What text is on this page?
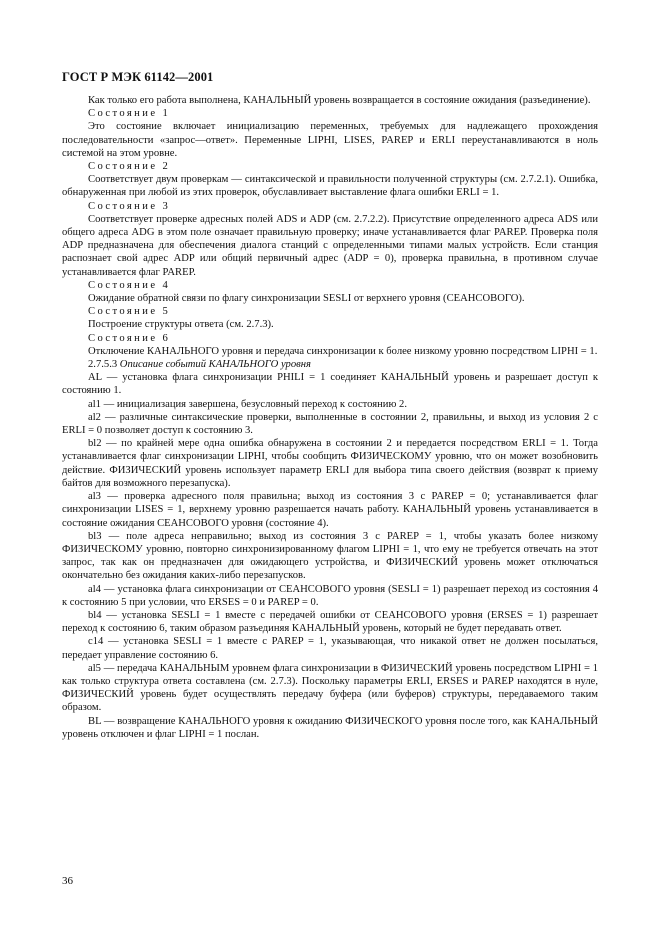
ГОСТ Р МЭК 61142—2001

Как только его работа выполнена, КАНАЛЬНЫЙ уровень возвращается в состояние ожидания (разъединение).

Состояние 1

Это состояние включает инициализацию переменных, требуемых для надлежащего прохождения последовательности «запрос—ответ». Переменные LIPHI, LISES, PAREP и ERLI переустанавливаются в ноль системой на этом уровне.

Состояние 2

Соответствует двум проверкам — синтаксической и правильности полученной структуры (см. 2.7.2.1). Ошибка, обнаруженная при любой из этих проверок, обуславливает выставление флага ошибки ERLI = 1.

Состояние 3

Соответствует проверке адресных полей ADS и ADP (см. 2.7.2.2). Присутствие определенного адреса ADS или общего адреса ADG в этом поле означает правильную проверку; иначе устанавливается флаг PAREP. Проверка поля ADP предназначена для обеспечения диалога станций с определенными типами малых устройств. Если станция распознает свой адрес ADP или общий первичный адрес (ADP = 0), проверка правильна, в противном случае устанавливается флаг PAREP.

Состояние 4

Ожидание обратной связи по флагу синхронизации SESLI от верхнего уровня (СЕАНСОВОГО).

Состояние 5

Построение структуры ответа (см. 2.7.3).

Состояние 6

Отключение КАНАЛЬНОГО уровня и передача синхронизации к более низкому уровню посредством LIPHI = 1.

2.7.5.3 Описание событий КАНАЛЬНОГО уровня

AL — установка флага синхронизации PHILI = 1 соединяет КАНАЛЬНЫЙ уровень и разрешает доступ к состоянию 1.

al1 — инициализация завершена, безусловный переход к состоянию 2.

al2 — различные синтаксические проверки, выполненные в состоянии 2, правильны, и выход из условия 2 с ERLI = 0 позволяет доступ к состоянию 3.

bl2 — по крайней мере одна ошибка обнаружена в состоянии 2 и передается посредством ERLI = 1. Тогда устанавливается флаг синхронизации LIPHI, чтобы сообщить ФИЗИЧЕСКОМУ уровню, что он может возобновить действие. ФИЗИЧЕСКИЙ уровень использует параметр ERLI для выбора типа своего действия (возврат к приему байтов для возможного перезапуска).

al3 — проверка адресного поля правильна; выход из состояния 3 с PAREP = 0; устанавливается флаг синхронизации LISES = 1, верхнему уровню разрешается начать работу. КАНАЛЬНЫЙ уровень устанавливается в состояние ожидания СЕАНСОВОГО уровня (состояние 4).

bl3 — поле адреса неправильно; выход из состояния 3 с PAREP = 1, чтобы указать более низкому ФИЗИЧЕСКОМУ уровню, повторно синхронизированному флагом LIPHI = 1, что ему не требуется отвечать на этот запрос, так как он предназначен для ожидающего устройства, и ФИЗИЧЕСКИЙ уровень может отключаться окончательно без ожидания каких-либо перезапусков.

al4 — установка флага синхронизации от СЕАНСОВОГО уровня (SESLI = 1) разрешает переход из состояния 4 к состоянию 5 при условии, что ERSES = 0 и PAREP = 0.

bl4 — установка SESLI = 1 вместе с передачей ошибки от СЕАНСОВОГО уровня (ERSES = 1) разрешает переход к состоянию 6, таким образом разъединяя КАНАЛЬНЫЙ уровень, который не будет передавать ответ.

c14 — установка SESLI = 1 вместе с PAREP = 1, указывающая, что никакой ответ не должен посылаться, передает управление состоянию 6.

al5 — передача КАНАЛЬНЫМ уровнем флага синхронизации в ФИЗИЧЕСКИЙ уровень посредством LIPHI = 1 как только структура ответа составлена (см. 2.7.3). Поскольку параметры ERLI, ERSES и PAREP находятся в нуле, ФИЗИЧЕСКИЙ уровень будет осуществлять передачу буфера (или буферов) структуры, передаваемого таким образом.

BL — возвращение КАНАЛЬНОГО уровня к ожиданию ФИЗИЧЕСКОГО уровня после того, как КАНАЛЬНЫЙ уровень отключен и флаг LIPHI = 1 послан.

36
